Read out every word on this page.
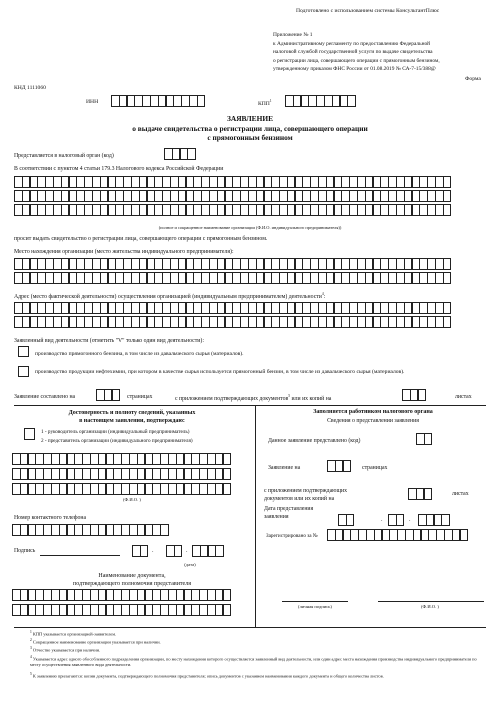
Подготовлено с использованием системы КонсультантПлюс
Приложение № 1
к Административному регламенту по предоставлению Федеральной
налоговой службой государственной услуги по выдаче свидетельства
о регистрации лица, совершающего операции с прямогонным бензином,
утвержденному приказом ФНС России от 01.08.2019 № СА-7-15/388@
Форма
КНД 1111060
ИНН	КПП$^1$
ЗАЯВЛЕНИЕ
о выдаче свидетельства о регистрации лица, совершающего операции
с прямогонным бензином
Представляется в налоговый орган (код)
В соответствии с пунктом 4 статьи 179.3 Налогового кодекса Российской Федерации
(полное и сокращенное наименование организации (Ф.И.О. индивидуального предпринимателя))
просит выдать свидетельство о регистрации лица, совершающего операции с прямогонным бензином.
Место нахождения организации (место жительства индивидуального предпринимателя):
Адрес (место фактической деятельности) осуществления организацией (индивидуальным предпринимателем) деятельности$^4$:
Заявленный вид деятельности (отметить "V" только один вид деятельности):
производство прямогонного бензина, в том числе из давальческого сырья (материалов).
производство продукции нефтехимии, при котором в качестве сырья используется прямогонный бензин, в том числе из давальческого сырья (материалов).
Заявление составлено на	страницах	с приложением подтверждающих документов$^5$ или их копий на	листах
Достоверность и полноту сведений, указанных
в настоящем заявлении, подтверждаю:
1 - руководитель организации (индивидуальный предприниматель)
2 - представитель организации (индивидуального предпринимателя)
(Ф.И.О. )
Номер контактного телефона
Подпись	.	.
(дата)
Наименование документа,
подтверждающего полномочия представителя
Заполняется работником налогового органа
Сведения о представлении заявления
Данное заявление представлено (код)
Заявление на	страницах
с приложением подтверждающих
документов или их копий на
листах
Дата представления
заявления
.	.
Зарегистрировано за №
(личная подпись)	(Ф.И.О. )
$^1$ КПП указывается организацией-заявителем.
$^2$ Сокращенное наименование организации указывается при наличии.
$^3$ Отчество указывается при наличии.
$^4$ Указывается адрес одного обособленного подразделения организации, по месту нахождения которого осуществляется заявленный вид деятельности, или один адрес места нахождения производства индивидуального предпринимателя по месту осуществления заявленного вида деятельности.
$^5$ К заявлению прилагаются: копии документа, подтверждающего полномочия представителя; опись документов с указанием наименования каждого документа и общего количества листов.
